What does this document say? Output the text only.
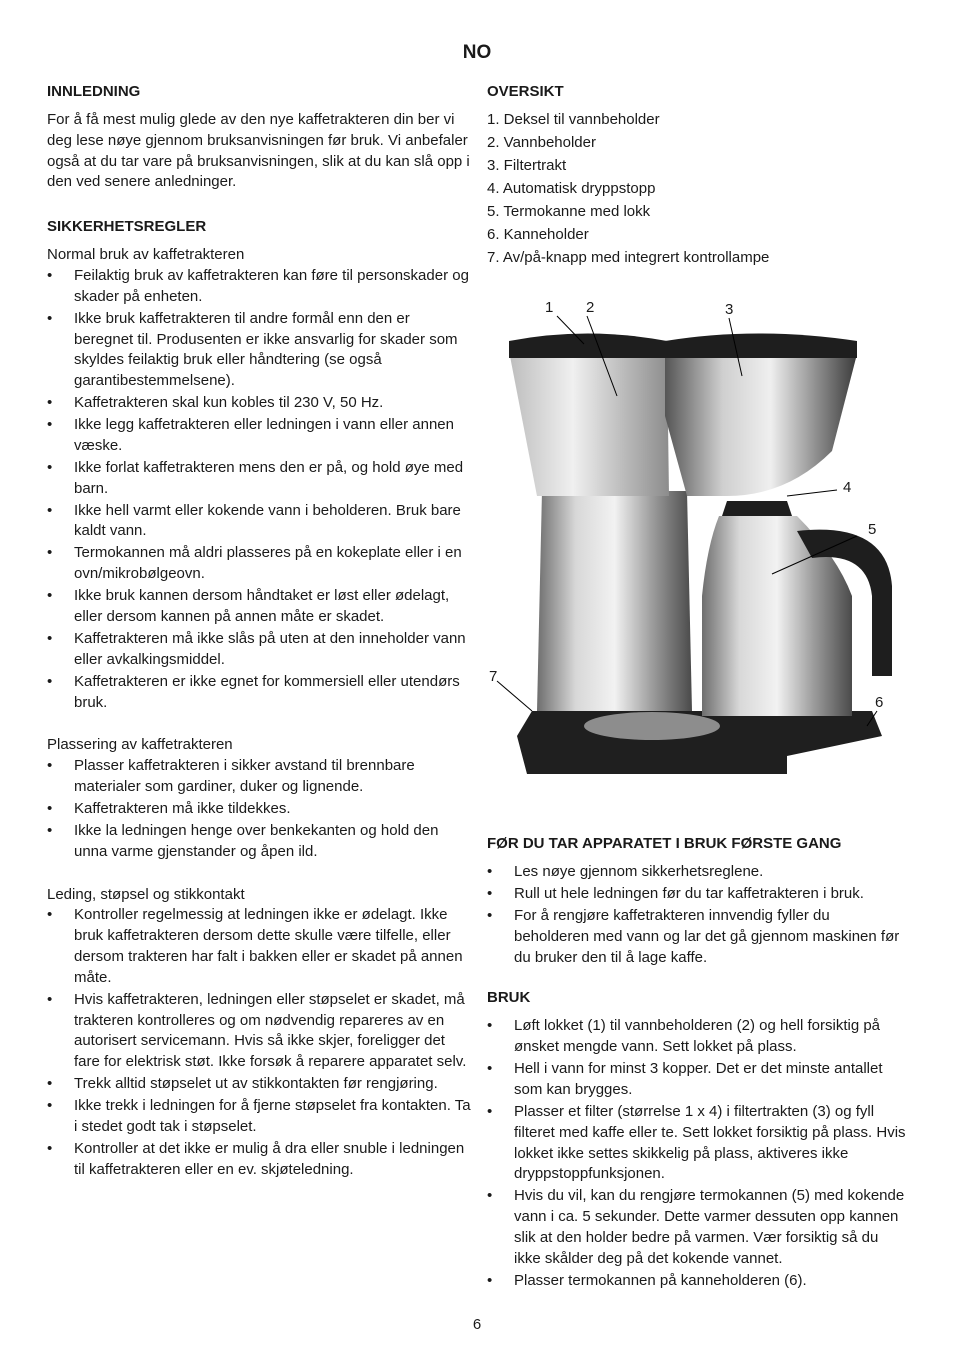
NO

INNLEDNING

For å få mest mulig glede av den nye kaffetrakteren din ber vi deg lese nøye gjennom bruksanvisningen før bruk. Vi anbefaler også at du tar vare på bruksanvisningen, slik at du kan slå opp i den ved senere anledninger.

SIKKERHETSREGLER

Normal bruk av kaffetrakteren

• Feilaktig bruk av kaffetrakteren kan føre til personskader og skader på enheten.
• Ikke bruk kaffetrakteren til andre formål enn den er beregnet til. Produsenten er ikke ansvarlig for skader som skyldes feilaktig bruk eller håndtering (se også garantibestemmelsene).
• Kaffetrakteren skal kun kobles til 230 V, 50 Hz.
• Ikke legg kaffetrakteren eller ledningen i vann eller annen væske.
• Ikke forlat kaffetrakteren mens den er på, og hold øye med barn.
• Ikke hell varmt eller kokende vann i beholderen. Bruk bare kaldt vann.
• Termokannen må aldri plasseres på en kokeplate eller i en ovn/mikrobølgeovn.
• Ikke bruk kannen dersom håndtaket er løst eller ødelagt, eller dersom kannen på annen måte er skadet.
• Kaffetrakteren må ikke slås på uten at den inneholder vann eller avkalkingsmiddel.
• Kaffetrakteren er ikke egnet for kommersiell eller utendørs bruk.

Plassering av kaffetrakteren

• Plasser kaffetrakteren i sikker avstand til brennbare materialer som gardiner, duker og lignende.
• Kaffetrakteren må ikke tildekkes.
• Ikke la ledningen henge over benkekanten og hold den unna varme gjenstander og åpen ild.

Leding, støpsel og stikkontakt

• Kontroller regelmessig at ledningen ikke er ødelagt. Ikke bruk kaffetrakteren dersom dette skulle være tilfelle, eller dersom trakteren har falt i bakken eller er skadet på annen måte.
• Hvis kaffetrakteren, ledningen eller støpselet er skadet, må trakteren kontrolleres og om nødvendig repareres av en autorisert servicemann. Hvis så ikke skjer, foreligger det fare for elektrisk støt. Ikke forsøk å reparere apparatet selv.
• Trekk alltid støpselet ut av stikkontakten før rengjøring.
• Ikke trekk i ledningen for å fjerne støpselet fra kontakten. Ta i stedet godt tak i støpselet.
• Kontroller at det ikke er mulig å dra eller snuble i ledningen til kaffetrakteren eller en ev. skjøteledning.

OVERSIKT

1. Deksel til vannbeholder
2. Vannbeholder
3. Filtertrakt
4. Automatisk dryppstopp
5. Termokanne med lokk
6. Kanneholder
7. Av/på-knapp med integrert kontrollampe
1 2	3
4
5
6
7

FØR DU TAR APPARATET I BRUK FØRSTE GANG

• Les nøye gjennom sikkerhetsreglene.
• Rull ut hele ledningen før du tar kaffetrakteren i bruk.
• For å rengjøre kaffetrakteren innvendig fyller du beholderen med vann og lar det gå gjennom maskinen før du bruker den til å lage kaffe.

BRUK

• Løft lokket (1) til vannbeholderen (2) og hell forsiktig på ønsket mengde vann. Sett lokket på plass.
• Hell i vann for minst 3 kopper. Det er det minste antallet som kan brygges.
• Plasser et filter (størrelse 1 x 4) i filtertrakten (3) og fyll filteret med kaffe eller te. Sett lokket forsiktig på plass. Hvis lokket ikke settes skikkelig på plass, aktiveres ikke dryppstoppfunksjonen.
• Hvis du vil, kan du rengjøre termokannen (5) med kokende vann i ca. 5 sekunder. Dette varmer dessuten opp kannen slik at den holder bedre på varmen. Vær forsiktig så du ikke skålder deg på det kokende vannet.
• Plasser termokannen på kanneholderen (6).
6
